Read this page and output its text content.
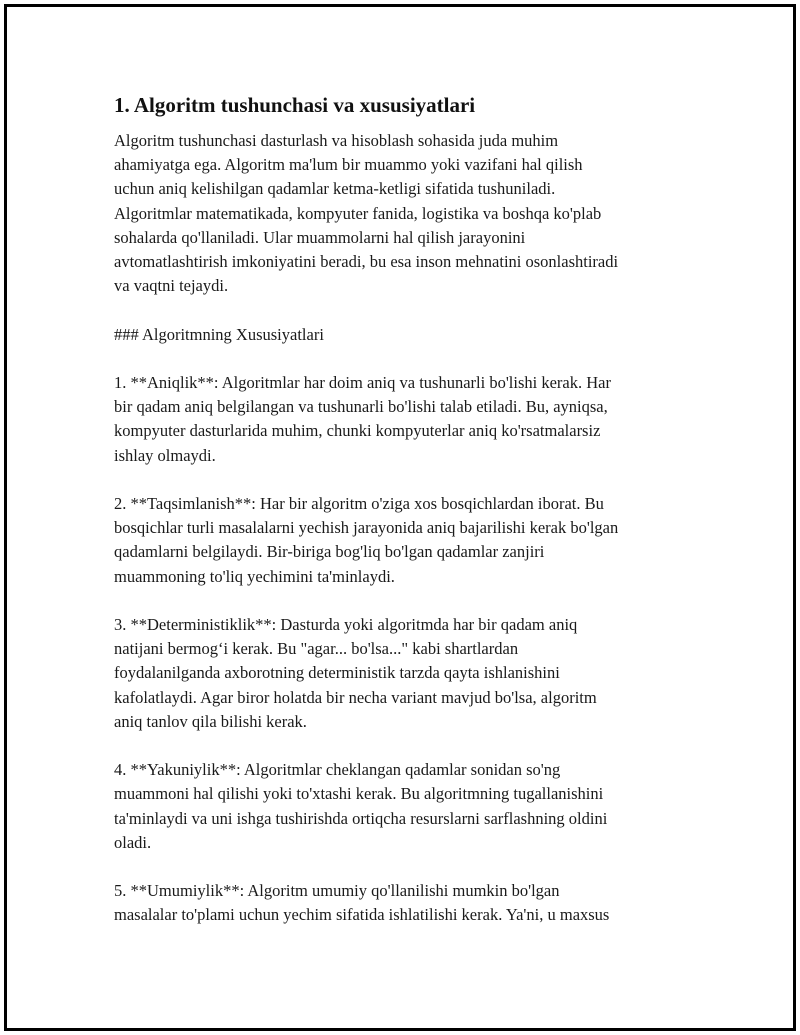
1. Algoritm tushunchasi va xususiyatlari

Algoritm tushunchasi dasturlash va hisoblash sohasida juda muhim
ahamiyatga ega. Algoritm ma'lum bir muammo yoki vazifani hal qilish
uchun aniq kelishilgan qadamlar ketma-ketligi sifatida tushuniladi.
Algoritmlar matematikada, kompyuter fanida, logistika va boshqa ko'plab
sohalarda qo'llaniladi. Ular muammolarni hal qilish jarayonini
avtomatlashtirish imkoniyatini beradi, bu esa inson mehnatini osonlashtiradi
va vaqtni tejaydi.

### Algoritmning Xususiyatlari

1. **Aniqlik**: Algoritmlar har doim aniq va tushunarli bo'lishi kerak. Har
bir qadam aniq belgilangan va tushunarli bo'lishi talab etiladi. Bu, ayniqsa,
kompyuter dasturlarida muhim, chunki kompyuterlar aniq ko'rsatmalarsiz
ishlay olmaydi.

2. **Taqsimlanish**: Har bir algoritm o'ziga xos bosqichlardan iborat. Bu
bosqichlar turli masalalarni yechish jarayonida aniq bajarilishi kerak bo'lgan
qadamlarni belgilaydi. Bir-biriga bog'liq bo'lgan qadamlar zanjiri
muammoning to'liq yechimini ta'minlaydi.

3. **Deterministiklik**: Dasturda yoki algoritmda har bir qadam aniq
natijani bermog‘i kerak. Bu "agar... bo'lsa..." kabi shartlardan
foydalanilganda axborotning deterministik tarzda qayta ishlanishini
kafolatlaydi. Agar biror holatda bir necha variant mavjud bo'lsa, algoritm
aniq tanlov qila bilishi kerak.

4. **Yakuniylik**: Algoritmlar cheklangan qadamlar sonidan so'ng
muammoni hal qilishi yoki to'xtashi kerak. Bu algoritmning tugallanishini
ta'minlaydi va uni ishga tushirishda ortiqcha resurslarni sarflashning oldini
oladi.

5. **Umumiylik**: Algoritm umumiy qo'llanilishi mumkin bo'lgan
masalalar to'plami uchun yechim sifatida ishlatilishi kerak. Ya'ni, u maxsus
